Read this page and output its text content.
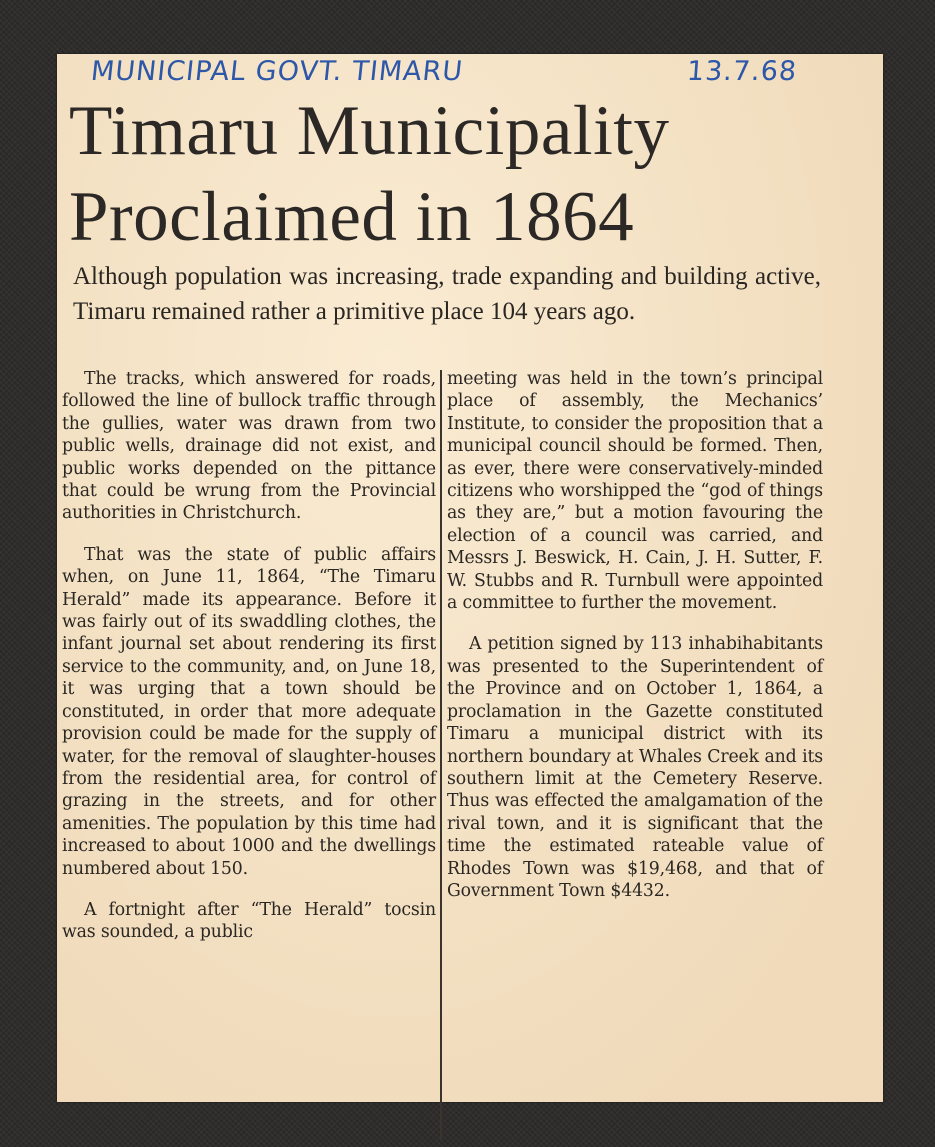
MUNICIPAL GOVT. TIMARU	13.7.68
Timaru Municipality Proclaimed in 1864

Although population was increasing, trade expanding and building active, Timaru remained rather a primitive place 104 years ago.

The tracks, which answered for roads, followed the line of bullock traffic through the gullies, water was drawn from two public wells, drainage did not exist, and public works depended on the pittance that could be wrung from the Provincial authorities in Christchurch.

That was the state of public affairs when, on June 11, 1864, “The Timaru Herald” made its appearance. Before it was fairly out of its swaddling clothes, the infant journal set about rendering its first service to the community, and, on June 18, it was urging that a town should be constituted, in order that more adequate provision could be made for the supply of water, for the removal of slaughter-houses from the residential area, for control of grazing in the streets, and for other amenities. The population by this time had increased to about 1000 and the dwellings numbered about 150.

A fortnight after “The Herald” tocsin was sounded, a public

meeting was held in the town’s principal place of assembly, the Mechanics’ Institute, to consider the proposition that a municipal council should be formed. Then, as ever, there were conservatively-minded citizens who worshipped the “god of things as they are,” but a motion favouring the election of a council was carried, and Messrs J. Beswick, H. Cain, J. H. Sutter, F. W. Stubbs and R. Turnbull were appointed a committee to further the movement.

A petition signed by 113 inhabihabitants was presented to the Superintendent of the Province and on October 1, 1864, a proclamation in the Gazette constituted Timaru a municipal district with its northern boundary at Whales Creek and its southern limit at the Cemetery Reserve. Thus was effected the amalgamation of the rival town, and it is significant that the time the estimated rateable value of Rhodes Town was $19,468, and that of Government Town $4432.
